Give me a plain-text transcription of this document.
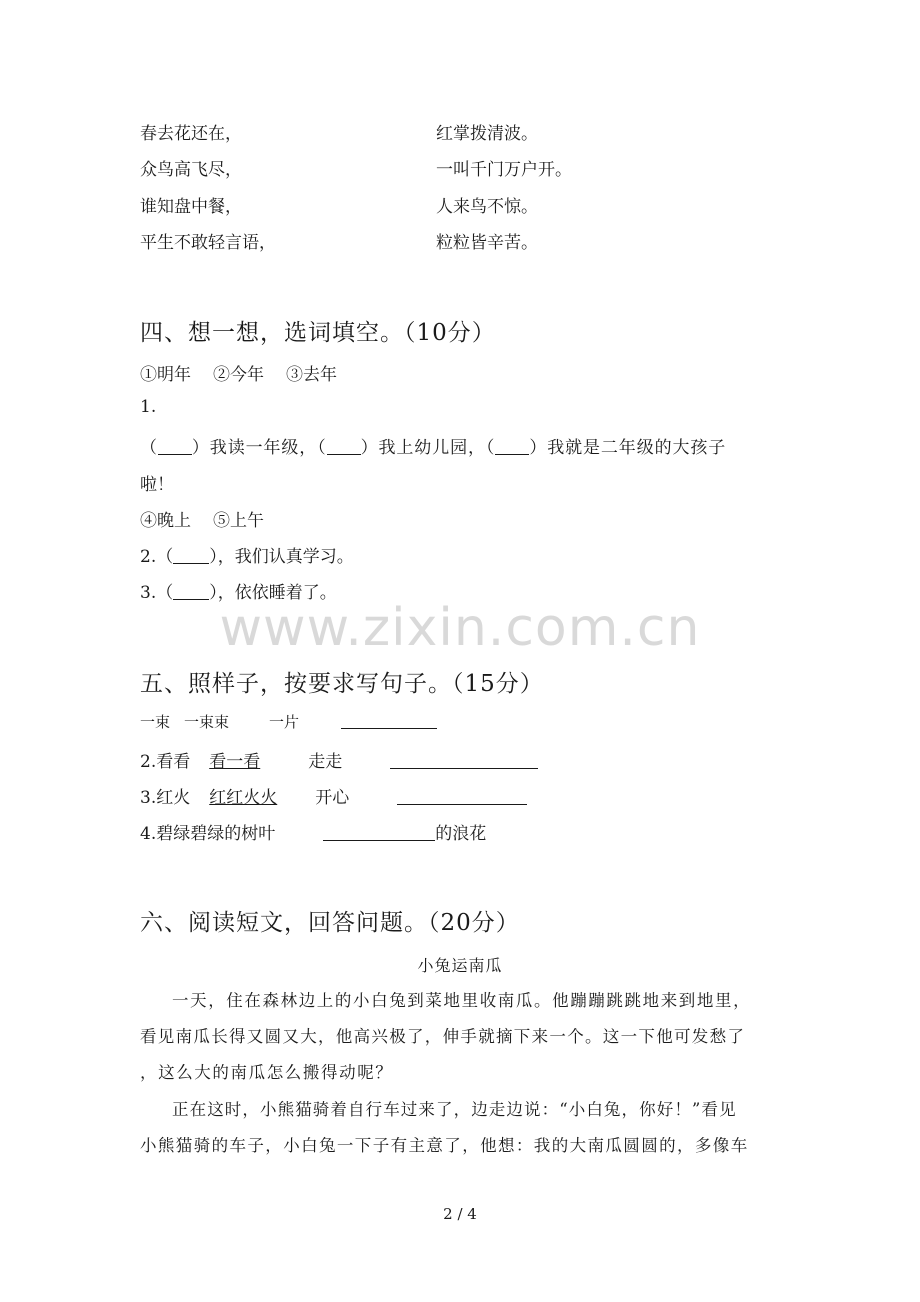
春去花还在，	红掌拨清波。
众鸟高飞尽，	一叫千门万户开。
谁知盘中餐，	人来鸟不惊。
平生不敢轻言语，	粒粒皆辛苦。
四、想一想，选词填空。（10分）
①明年 ②今年 ③去年
1.
（ ）我读一年级，（ ）我上幼儿园，（ ）我就是二年级的大孩子
啦！
④晚上 ⑤上午
2.（ ），我们认真学习。
3.（ ），依依睡着了。
www.zixin.com.cn
五、照样子，按要求写句子。（15分）
一束 一束束	一片
2.看看 看一看	走走
3.红火 红红火火 开心
4.碧绿碧绿的树叶	的浪花
六、阅读短文，回答问题。（20分）
小兔运南瓜
一天，住在森林边上的小白兔到菜地里收南瓜。他蹦蹦跳跳地来到地里，
看见南瓜长得又圆又大，他高兴极了，伸手就摘下来一个。这一下他可发愁了
，这么大的南瓜怎么搬得动呢？
正在这时，小熊猫骑着自行车过来了，边走边说：“小白兔，你好！”看见
小熊猫骑的车子，小白兔一下子有主意了，他想：我的大南瓜圆圆的，多像车
2 / 4
